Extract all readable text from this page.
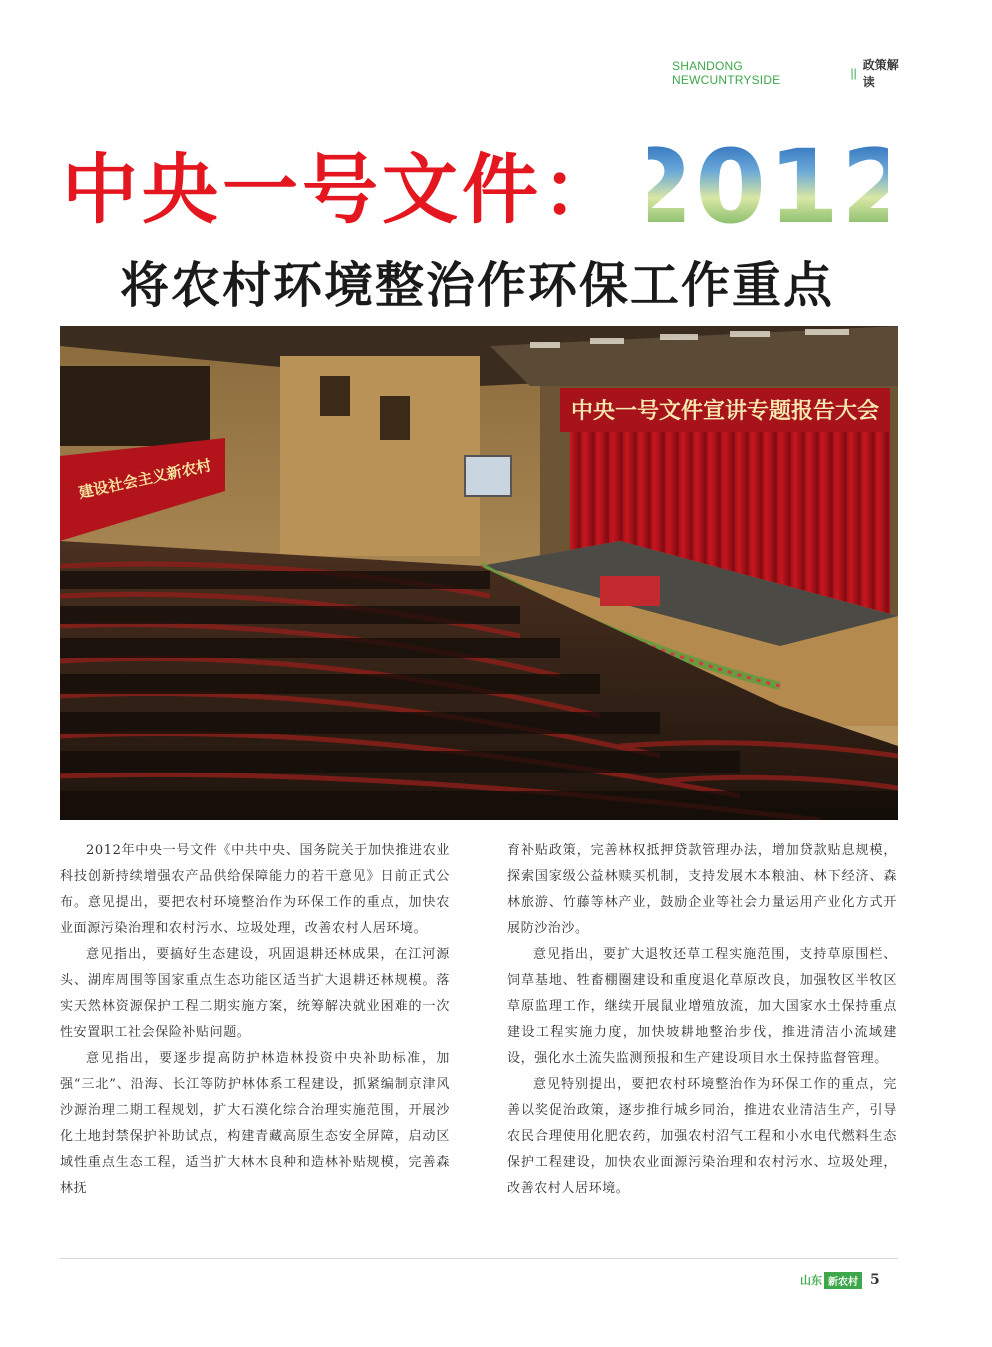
SHANDONG NEWCUNTRYSIDE	||
政策解读
中央一号文件： 2012
将农村环境整治作环保工作重点
中央一号文件宣讲专题报告大会
建设社会主义新农村

2012年中央一号文件《中共中央、国务院关于加快推进农业科技创新持续增强农产品供给保障能力的若干意见》日前正式公布。意见提出，要把农村环境整治作为环保工作的重点，加快农业面源污染治理和农村污水、垃圾处理，改善农村人居环境。

意见指出，要搞好生态建设，巩固退耕还林成果，在江河源头、湖库周围等国家重点生态功能区适当扩大退耕还林规模。落实天然林资源保护工程二期实施方案，统筹解决就业困难的一次性安置职工社会保险补贴问题。

意见指出，要逐步提高防护林造林投资中央补助标准，加强“三北”、沿海、长江等防护林体系工程建设，抓紧编制京津风沙源治理二期工程规划，扩大石漠化综合治理实施范围，开展沙化土地封禁保护补助试点，构建青藏高原生态安全屏障，启动区域性重点生态工程，适当扩大林木良种和造林补贴规模，完善森林抚

育补贴政策，完善林权抵押贷款管理办法，增加贷款贴息规模，探索国家级公益林赎买机制，支持发展木本粮油、林下经济、森林旅游、竹藤等林产业，鼓励企业等社会力量运用产业化方式开展防沙治沙。

意见指出，要扩大退牧还草工程实施范围，支持草原围栏、饲草基地、牲畜棚圈建设和重度退化草原改良，加强牧区半牧区草原监理工作，继续开展鼠业增殖放流，加大国家水土保持重点建设工程实施力度，加快坡耕地整治步伐，推进清洁小流域建设，强化水土流失监测预报和生产建设项目水土保持监督管理。

意见特别提出，要把农村环境整治作为环保工作的重点，完善以奖促治政策，逐步推行城乡同治，推进农业清洁生产，引导农民合理使用化肥农药，加强农村沼气工程和小水电代燃料生态保护工程建设，加快农业面源污染治理和农村污水、垃圾处理，改善农村人居环境。

山东 新农村 5
